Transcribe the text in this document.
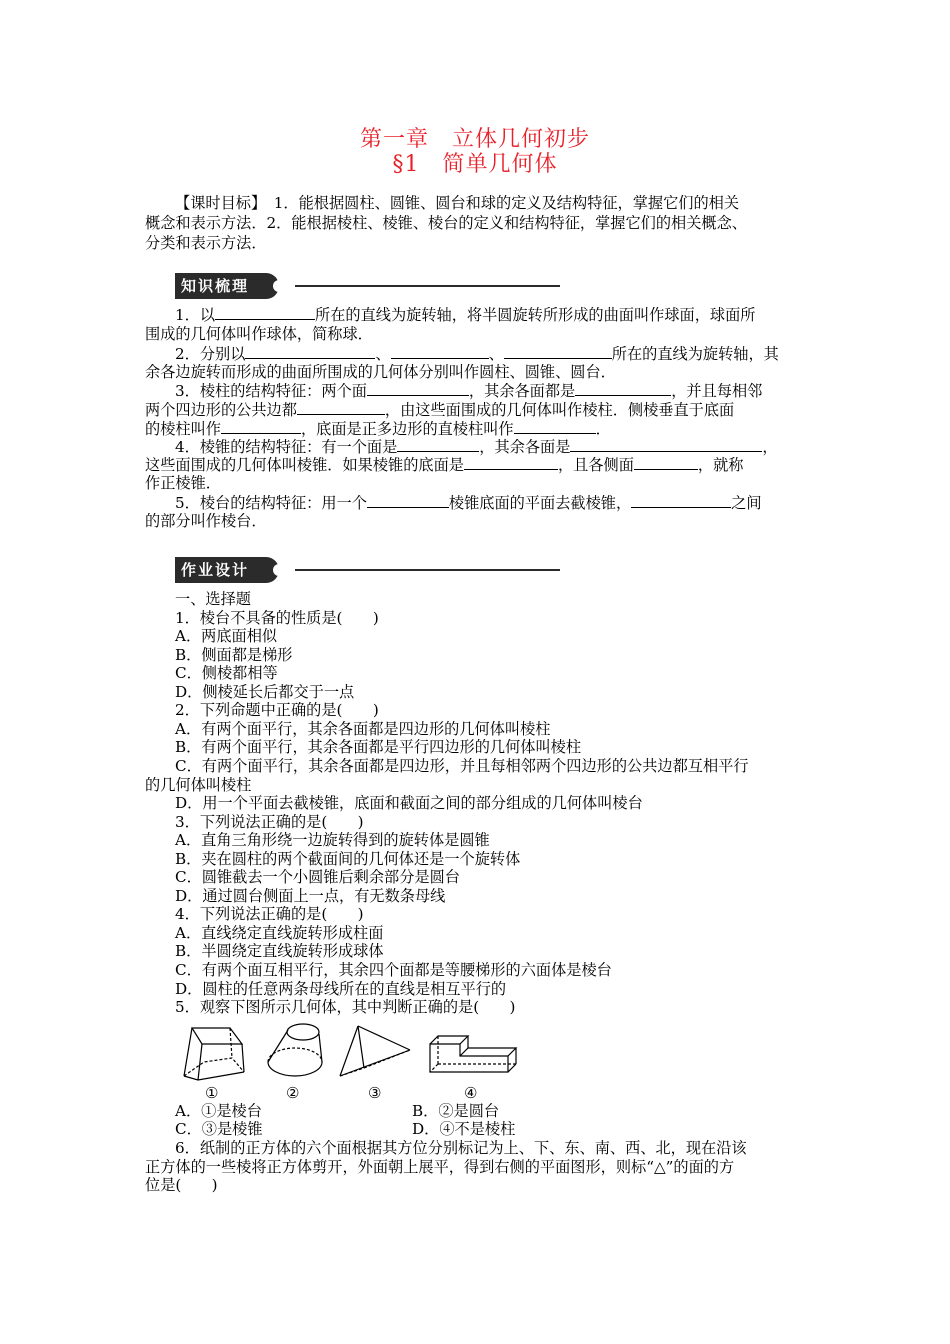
第一章　立体几何初步
§1　简单几何体
【课时目标】　1．能根据圆柱、圆锥、圆台和球的定义及结构特征，掌握它们的相关
概念和表示方法．2．能根据棱柱、棱锥、棱台的定义和结构特征，掌握它们的相关概念、
分类和表示方法．
知识梳理
1．以	所在的直线为旋转轴，将半圆旋转所形成的曲面叫作球面，球面所
围成的几何体叫作球体，简称球．
2．分别以	、	、	所在的直线为旋转轴，其
余各边旋转而形成的曲面所围成的几何体分别叫作圆柱、圆锥、圆台．
3．棱柱的结构特征：两个面	，其余各面都是	，并且每相邻
两个四边形的公共边都	，由这些面围成的几何体叫作棱柱．侧棱垂直于底面
的棱柱叫作	，底面是正多边形的直棱柱叫作	．
4．棱锥的结构特征：有一个面是	，其余各面是	，
这些面围成的几何体叫棱锥．如果棱锥的底面是	，且各侧面	，就称
作正棱锥．
5．棱台的结构特征：用一个	棱锥底面的平面去截棱锥，	之间
的部分叫作棱台．
作业设计
一、选择题
1．棱台不具备的性质是(　　)
A．两底面相似
B．侧面都是梯形
C．侧棱都相等
D．侧棱延长后都交于一点
2．下列命题中正确的是(　　)
A．有两个面平行，其余各面都是四边形的几何体叫棱柱
B．有两个面平行，其余各面都是平行四边形的几何体叫棱柱
C．有两个面平行，其余各面都是四边形，并且每相邻两个四边形的公共边都互相平行
的几何体叫棱柱
D．用一个平面去截棱锥，底面和截面之间的部分组成的几何体叫棱台
3．下列说法正确的是(　　)
A．直角三角形绕一边旋转得到的旋转体是圆锥
B．夹在圆柱的两个截面间的几何体还是一个旋转体
C．圆锥截去一个小圆锥后剩余部分是圆台
D．通过圆台侧面上一点，有无数条母线
4．下列说法正确的是(　　)
A．直线绕定直线旋转形成柱面
B．半圆绕定直线旋转形成球体
C．有两个面互相平行，其余四个面都是等腰梯形的六面体是棱台
D．圆柱的任意两条母线所在的直线是相互平行的
5．观察下图所示几何体，其中判断正确的是(　　)
①	②	③	④
A．①是棱台	B．②是圆台
C．③是棱锥	D．④不是棱柱
6．纸制的正方体的六个面根据其方位分别标记为上、下、东、南、西、北，现在沿该
正方体的一些棱将正方体剪开，外面朝上展平，得到右侧的平面图形，则标“△”的面的方
位是(　　)
